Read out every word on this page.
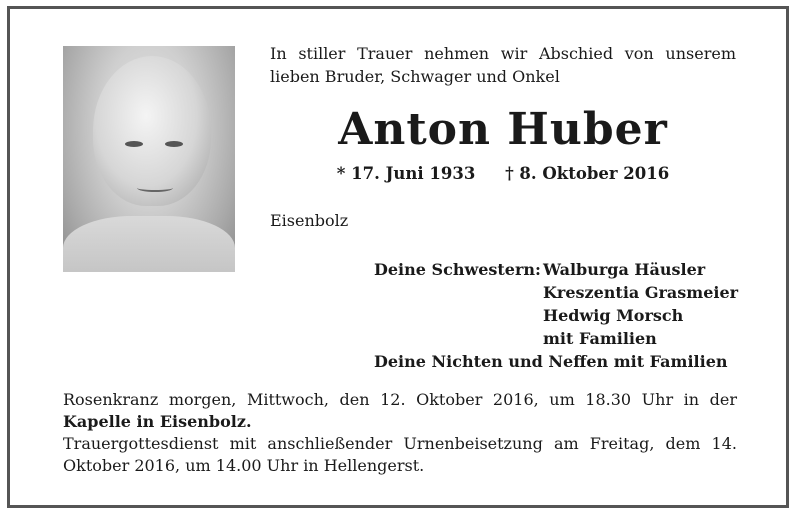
In stiller Trauer nehmen wir Abschied von unserem lieben Bruder, Schwager und Onkel
Anton Huber
* 17. Juni 1933 † 8. Oktober 2016
Eisenbolz
Deine Schwestern: Walburga Häusler
Kreszentia Grasmeier
Hedwig Morsch
mit Familien
Deine Nichten und Neffen mit Familien
Rosenkranz morgen, Mittwoch, den 12. Oktober 2016, um 18.30 Uhr in der Kapelle in Eisenbolz.
Trauergottesdienst mit anschließender Urnenbeisetzung am Freitag, dem 14. Oktober 2016, um 14.00 Uhr in Hellengerst.
